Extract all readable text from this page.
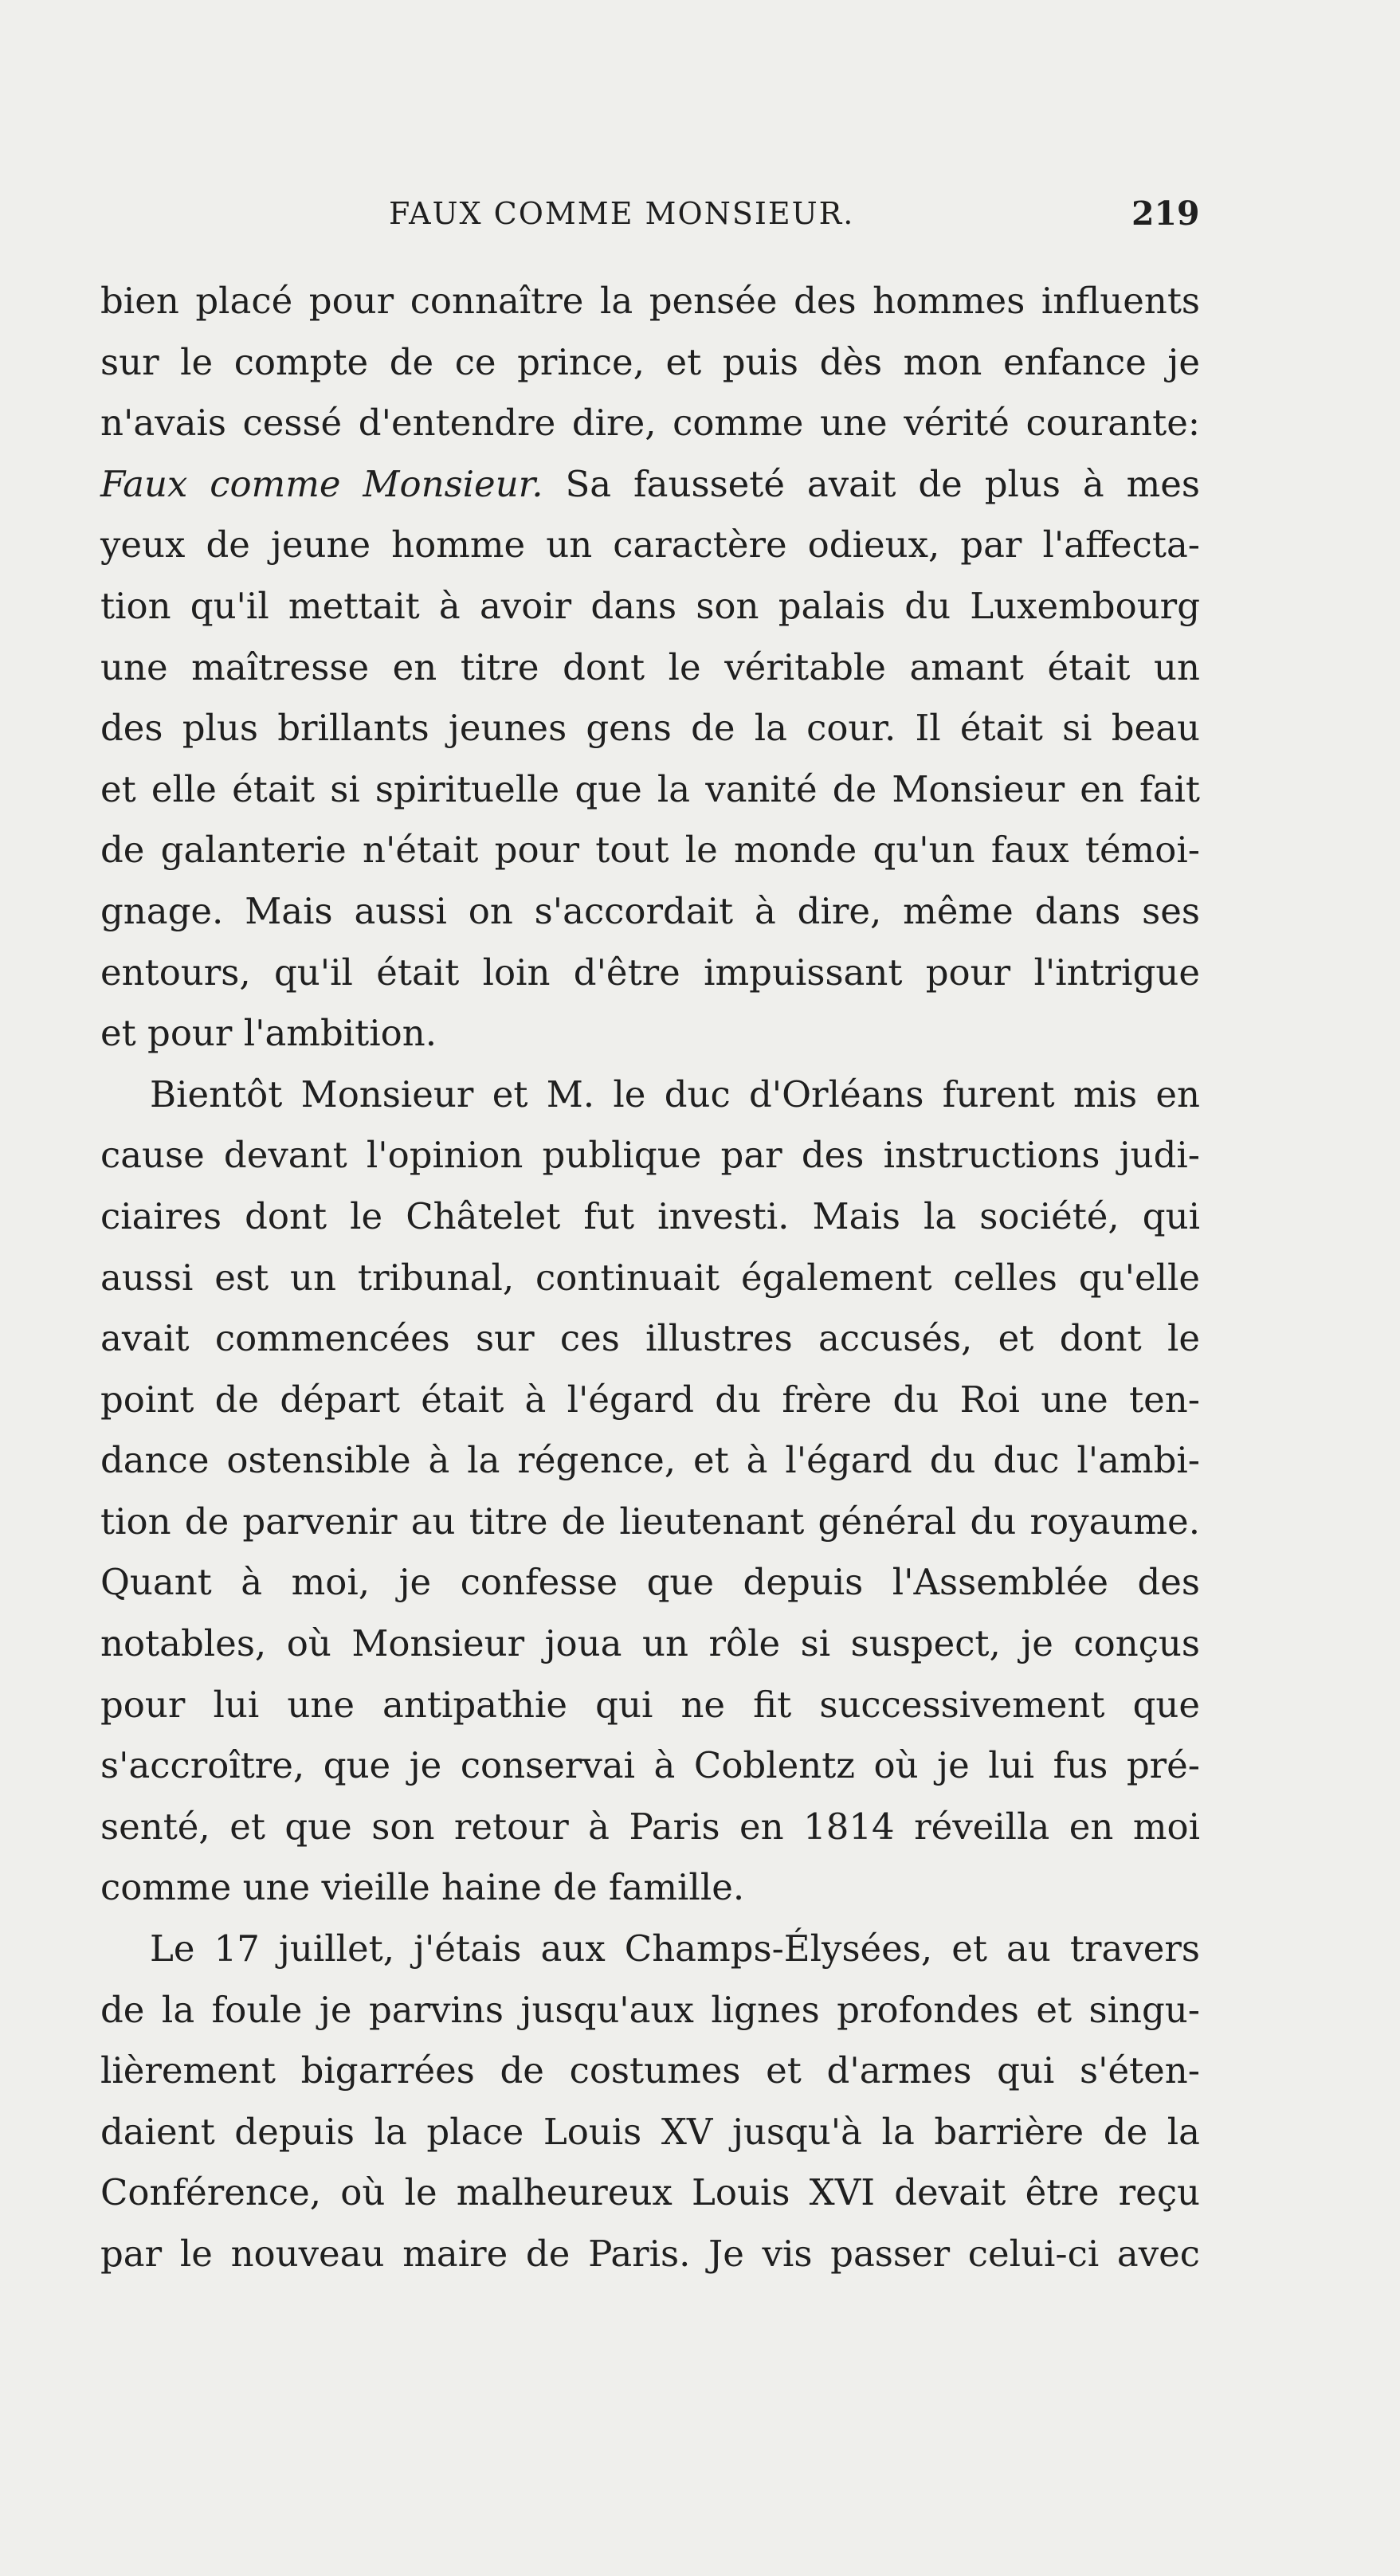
FAUX COMME MONSIEUR.	219
bien placé pour connaître la pensée des hommes influents
sur le compte de ce prince, et puis dès mon enfance je
n'avais cessé d'entendre dire, comme une vérité courante:
Faux comme Monsieur. Sa fausseté avait de plus à mes
yeux de jeune homme un caractère odieux, par l'affecta-
tion qu'il mettait à avoir dans son palais du Luxembourg
une maîtresse en titre dont le véritable amant était un
des plus brillants jeunes gens de la cour. Il était si beau
et elle était si spirituelle que la vanité de Monsieur en fait
de galanterie n'était pour tout le monde qu'un faux témoi-
gnage. Mais aussi on s'accordait à dire, même dans ses
entours, qu'il était loin d'être impuissant pour l'intrigue
et pour l'ambition.
Bientôt Monsieur et M. le duc d'Orléans furent mis en
cause devant l'opinion publique par des instructions judi-
ciaires dont le Châtelet fut investi. Mais la société, qui
aussi est un tribunal, continuait également celles qu'elle
avait commencées sur ces illustres accusés, et dont le
point de départ était à l'égard du frère du Roi une ten-
dance ostensible à la régence, et à l'égard du duc l'ambi-
tion de parvenir au titre de lieutenant général du royaume.
Quant à moi, je confesse que depuis l'Assemblée des
notables, où Monsieur joua un rôle si suspect, je conçus
pour lui une antipathie qui ne fit successivement que
s'accroître, que je conservai à Coblentz où je lui fus pré-
senté, et que son retour à Paris en 1814 réveilla en moi
comme une vieille haine de famille.
Le 17 juillet, j'étais aux Champs-Élysées, et au travers
de la foule je parvins jusqu'aux lignes profondes et singu-
lièrement bigarrées de costumes et d'armes qui s'éten-
daient depuis la place Louis XV jusqu'à la barrière de la
Conférence, où le malheureux Louis XVI devait être reçu
par le nouveau maire de Paris. Je vis passer celui-ci avec
